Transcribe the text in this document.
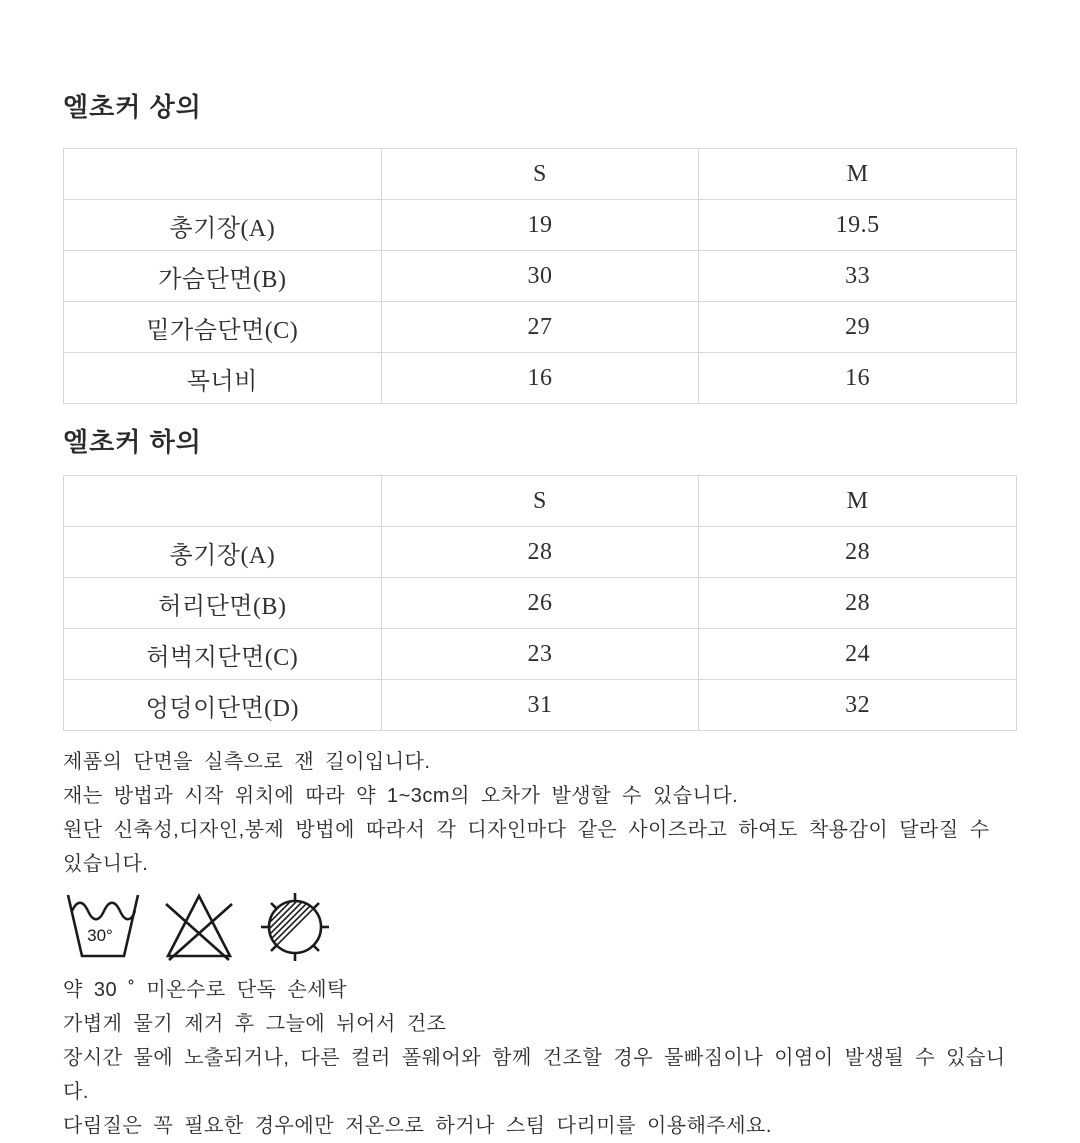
엘초커 상의
	S	M
총기장(A)	19	19.5
가슴단면(B)	30	33
밑가슴단면(C)	27	29
목너비	16	16
엘초커 하의
	S	M
총기장(A)	28	28
허리단면(B)	26	28
허벅지단면(C)	23	24
엉덩이단면(D)	31	32

제품의 단면을 실측으로 잰 길이입니다.

재는 방법과 시작 위치에 따라 약 1~3cm의 오차가 발생할 수 있습니다.

원단 신축성,디자인,봉제 방법에 따라서 각 디자인마다 같은 사이즈라고 하여도 착용감이 달라질 수 있습니다.

30°

약 30 ˚ 미온수로 단독 손세탁

가볍게 물기 제거 후 그늘에 뉘어서 건조

장시간 물에 노출되거나, 다른 컬러 폴웨어와 함께 건조할 경우 물빠짐이나 이염이 발생될 수 있습니다.

다림질은 꼭 필요한 경우에만 저온으로 하거나 스팀 다리미를 이용해주세요.
